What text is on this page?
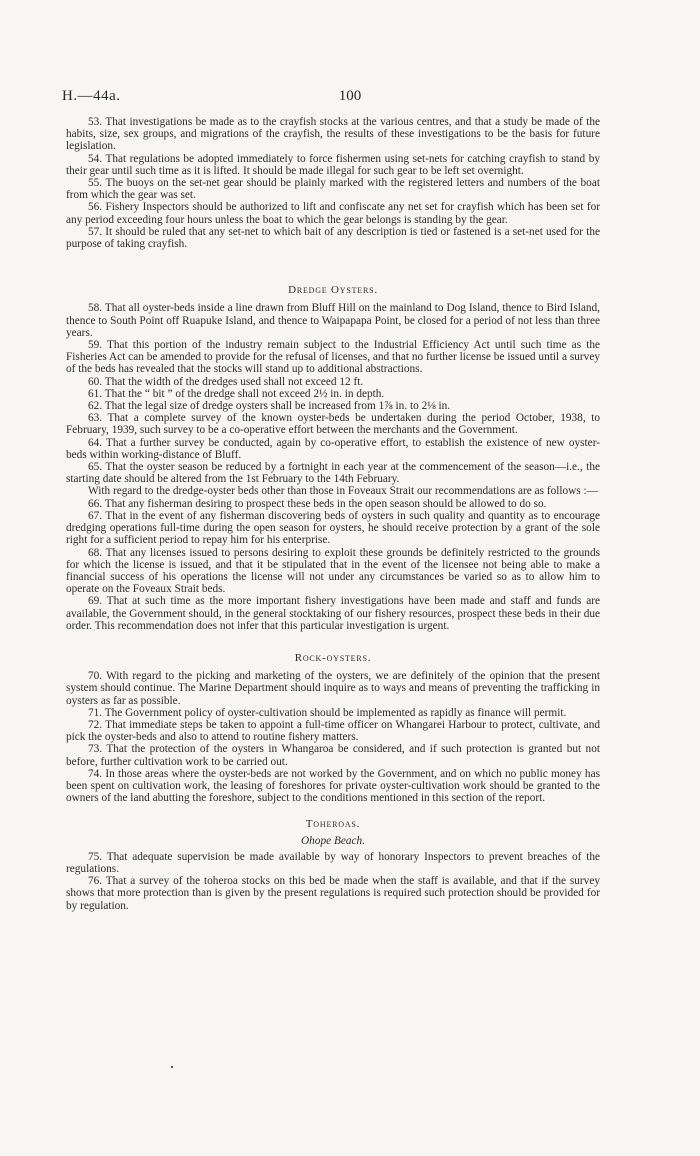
H.—44a.	100

53. That investigations be made as to the crayfish stocks at the various centres, and that a study be made of the habits, size, sex groups, and migrations of the crayfish, the results of these investigations to be the basis for future legislation.

54. That regulations be adopted immediately to force fishermen using set-nets for catching crayfish to stand by their gear until such time as it is lifted. It should be made illegal for such gear to be left set overnight.

55. The buoys on the set-net gear should be plainly marked with the registered letters and numbers of the boat from which the gear was set.

56. Fishery Inspectors should be authorized to lift and confiscate any net set for crayfish which has been set for any period exceeding four hours unless the boat to which the gear belongs is standing by the gear.

57. It should be ruled that any set-net to which bait of any description is tied or fastened is a set-net used for the purpose of taking crayfish.

Dredge Oysters.

58. That all oyster-beds inside a line drawn from Bluff Hill on the mainland to Dog Island, thence to Bird Island, thence to South Point off Ruapuke Island, and thence to Waipapapa Point, be closed for a period of not less than three years.

59. That this portion of the industry remain subject to the Industrial Efficiency Act until such time as the Fisheries Act can be amended to provide for the refusal of licenses, and that no further license be issued until a survey of the beds has revealed that the stocks will stand up to additional abstractions.

60. That the width of the dredges used shall not exceed 12 ft.

61. That the “ bit ” of the dredge shall not exceed 2½ in. in depth.

62. That the legal size of dredge oysters shall be increased from 1⅞ in. to 2⅛ in.

63. That a complete survey of the known oyster-beds be undertaken during the period October, 1938, to February, 1939, such survey to be a co-operative effort between the merchants and the Government.

64. That a further survey be conducted, again by co-operative effort, to establish the existence of new oyster-beds within working-distance of Bluff.

65. That the oyster season be reduced by a fortnight in each year at the commencement of the season—i.e., the starting date should be altered from the 1st February to the 14th February.

With regard to the dredge-oyster beds other than those in Foveaux Strait our recommendations are as follows :—

66. That any fisherman desiring to prospect these beds in the open season should be allowed to do so.

67. That in the event of any fisherman discovering beds of oysters in such quality and quantity as to encourage dredging operations full-time during the open season for oysters, he should receive protection by a grant of the sole right for a sufficient period to repay him for his enterprise.

68. That any licenses issued to persons desiring to exploit these grounds be definitely restricted to the grounds for which the license is issued, and that it be stipulated that in the event of the licensee not being able to make a financial success of his operations the license will not under any circumstances be varied so as to allow him to operate on the Foveaux Strait beds.

69. That at such time as the more important fishery investigations have been made and staff and funds are available, the Government should, in the general stocktaking of our fishery resources, prospect these beds in their due order. This recommendation does not infer that this particular investigation is urgent.

Rock-oysters.

70. With regard to the picking and marketing of the oysters, we are definitely of the opinion that the present system should continue. The Marine Department should inquire as to ways and means of preventing the trafficking in oysters as far as possible.

71. The Government policy of oyster-cultivation should be implemented as rapidly as finance will permit.

72. That immediate steps be taken to appoint a full-time officer on Whangarei Harbour to protect, cultivate, and pick the oyster-beds and also to attend to routine fishery matters.

73. That the protection of the oysters in Whangaroa be considered, and if such protection is granted but not before, further cultivation work to be carried out.

74. In those areas where the oyster-beds are not worked by the Government, and on which no public money has been spent on cultivation work, the leasing of foreshores for private oyster-cultivation work should be granted to the owners of the land abutting the foreshore, subject to the conditions mentioned in this section of the report.

Toheroas.

Ohope Beach.

75. That adequate supervision be made available by way of honorary Inspectors to prevent breaches of the regulations.

76. That a survey of the toheroa stocks on this bed be made when the staff is available, and that if the survey shows that more protection than is given by the present regulations is required such protection should be provided for by regulation.
